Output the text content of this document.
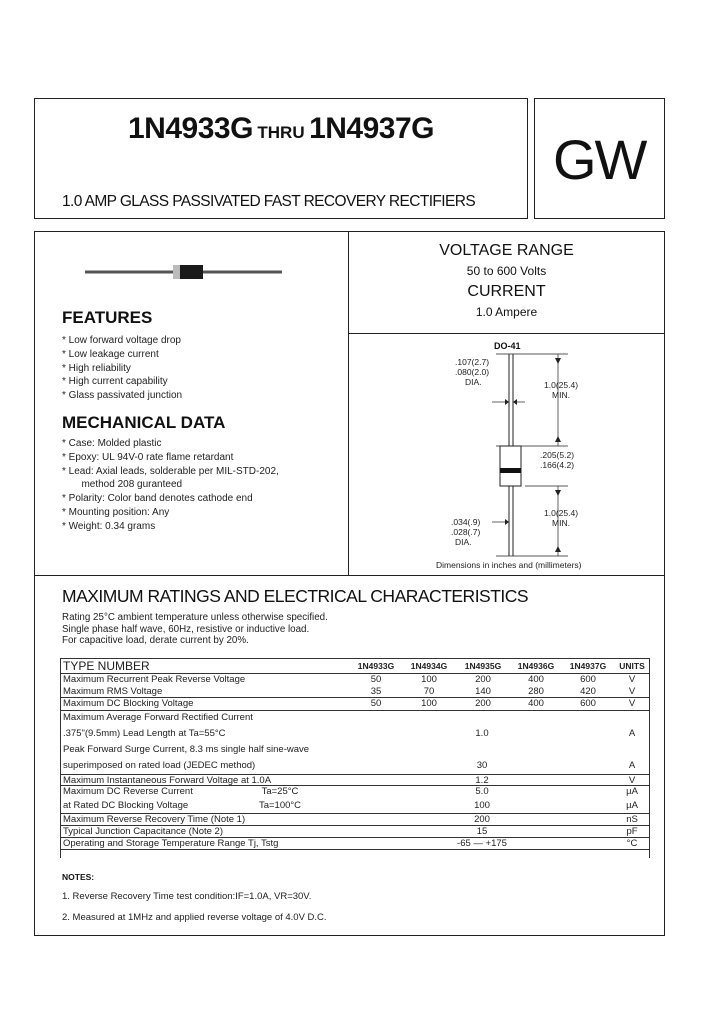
1N4933G THRU 1N4937G
1.0 AMP GLASS PASSIVATED FAST RECOVERY RECTIFIERS
GW
FEATURES
* Low forward voltage drop
* Low leakage current
* High reliability
* High current capability
* Glass passivated junction
MECHANICAL DATA
* Case: Molded plastic
* Epoxy: UL 94V-0 rate flame retardant
* Lead: Axial leads, solderable per MIL-STD-202,
method 208 guranteed
* Polarity: Color band denotes cathode end
* Mounting position: Any
* Weight: 0.34 grams
VOLTAGE RANGE
50 to 600 Volts
CURRENT
1.0 Ampere
DO-41
.107(2.7)
.080(2.0)
DIA.	1.0(25.4)
MIN.
.205(5.2)
.166(4.2)
1.0(25.4)
MIN.
.034(.9)
.028(.7)
DIA.
Dimensions in inches and (millimeters)
MAXIMUM RATINGS AND ELECTRICAL CHARACTERISTICS
Rating 25°C ambient temperature unless otherwise specified.
Single phase half wave, 60Hz, resistive or inductive load.
For capacitive load, derate current by 20%.
TYPE NUMBER	1N4933G	1N4934G	1N4935G	1N4936G	1N4937G	UNITS
Maximum Recurrent Peak Reverse Voltage	50	100	200	400	600	V
Maximum RMS Voltage	35	70	140	280	420	V
Maximum DC Blocking Voltage	50	100	200	400	600	V
Maximum Average Forward Rectified Current
.375"(9.5mm) Lead Length at Ta=55°C	1.0	A
Peak Forward Surge Current, 8.3 ms single half sine-wave
superimposed on rated load (JEDEC method)	30	A
Maximum Instantaneous Forward Voltage at 1.0A	1.2	V
Maximum DC Reverse Current	Ta=25°C	5.0	µA
at Rated DC Blocking Voltage	Ta=100°C	100	µA
Maximum Reverse Recovery Time (Note 1)	200	nS
Typical Junction Capacitance (Note 2)	15	pF
Operating and Storage Temperature Range Tj, Tstg	-65 — +175	°C
NOTES:
1. Reverse Recovery Time test condition:IF=1.0A, VR=30V.
2. Measured at 1MHz and applied reverse voltage of 4.0V D.C.
